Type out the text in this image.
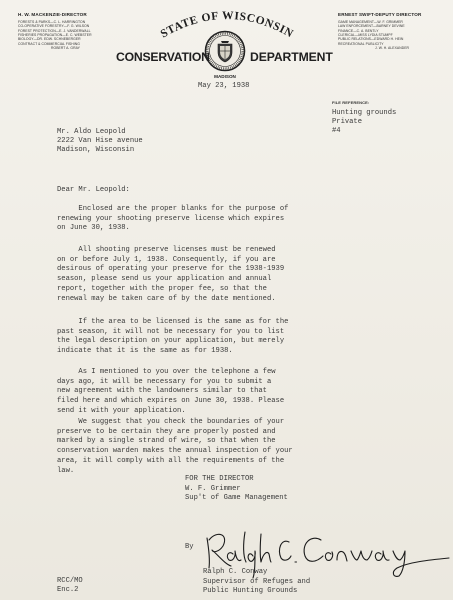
H. W. MACKENZIE-DIRECTOR
FORESTS & PARKS—C. L. HARRINGTON
CO-OPERATIVE FORESTRY—F. G. WILSON
FOREST PROTECTION—E. J. VANDERWALL
FISHERIES PROPAGATION—E. C. WEBSTER
BIOLOGY—DR. EDW. SCHNEBERGER
CONTRACT & COMMERCIAL FISHING
ROBERT A. GRAY
STATE OF WISCONSIN
CONSERVATION	DEPARTMENT
MADISON
ERNEST SWIFT-DEPUTY DIRECTOR
GAME MANAGEMENT—W. F. GRIMMER
LAW ENFORCEMENT—BARNEY DEVINE
FINANCE—C. A. BENTLY
CLERICAL—MISS LYDIA STUMPF
PUBLIC RELATIONS—EDWARD H. HEIN
RECREATIONAL PUBLICITY
J. W. H. ALEXANDER
May 23, 1938
FILE REFERENCE:
Hunting grounds
Private
#4
Mr. Aldo Leopold
2222 Van Hise avenue
Madison, Wisconsin
Dear Mr. Leopold:
Enclosed are the proper blanks for the purpose of
renewing your shooting preserve license which expires
on June 30, 1938.
All shooting preserve licenses must be renewed
on or before July 1, 1938. Consequently, if you are
desirous of operating your preserve for the 1938-1939
season, please send us your application and annual
report, together with the proper fee, so that the
renewal may be taken care of by the date mentioned.
If the area to be licensed is the same as for the
past season, it will not be necessary for you to list
the legal description on your application, but merely
indicate that it is the same as for 1938.
As I mentioned to you over the telephone a few
days ago, it will be necessary for you to submit a
new agreement with the landowners similar to that
filed here and which expires on June 30, 1938. Please
send it with your application.
We suggest that you check the boundaries of your
preserve to be certain they are properly posted and
marked by a single strand of wire, so that when the
conservation warden makes the annual inspection of your
area, it will comply with all the requirements of the
law.
FOR THE DIRECTOR
W. F. Grimmer
Sup't of Game Management
By
Ralph C. Conway
Supervisor of Refuges and
Public Hunting Grounds
RCC/MO
Enc.2
